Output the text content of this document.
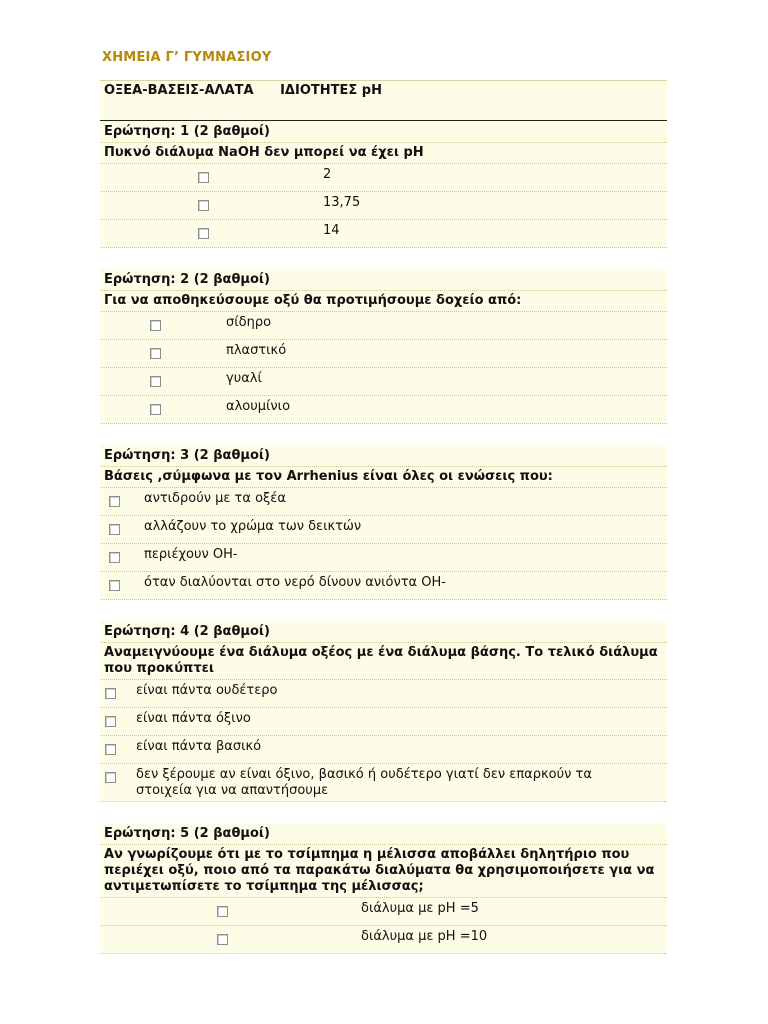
ΧΗΜΕΙΑ Γ’ ΓΥΜΝΑΣΙΟΥ
ΟΞΕΑ-ΒΑΣΕΙΣ-ΑΛΑΤΑ ΙΔΙΟΤΗΤΕΣ pH
Ερώτηση: 1 (2 βαθμοί)
Πυκνό διάλυμα NaOH δεν μπορεί να έχει pH
2
13,75
14
Ερώτηση: 2 (2 βαθμοί)
Για να αποθηκεύσουμε οξύ θα προτιμήσουμε δοχείο από:
σίδηρο
πλαστικό
γυαλί
αλουμίνιο
Ερώτηση: 3 (2 βαθμοί)
Βάσεις ,σύμφωνα με τον Arrhenius είναι όλες οι ενώσεις που:
αντιδρούν με τα οξέα
αλλάζουν το χρώμα των δεικτών
περιέχουν OH-
όταν διαλύονται στο νερό δίνουν ανιόντα OH-
Ερώτηση: 4 (2 βαθμοί)
Αναμειγνύουμε ένα διάλυμα οξέος με ένα διάλυμα βάσης. Το τελικό διάλυμα που προκύπτει
είναι πάντα ουδέτερο
είναι πάντα όξινο
είναι πάντα βασικό
δεν ξέρουμε αν είναι όξινο, βασικό ή ουδέτερο γιατί δεν επαρκούν τα στοιχεία για να απαντήσουμε
Ερώτηση: 5 (2 βαθμοί)
Αν γνωρίζουμε ότι με το τσίμπημα η μέλισσα αποβάλλει δηλητήριο που περιέχει οξύ, ποιο από τα παρακάτω διαλύματα θα χρησιμοποιήσετε για να αντιμετωπίσετε το τσίμπημα της μέλισσας;
διάλυμα με pH =5
διάλυμα με pH =10
